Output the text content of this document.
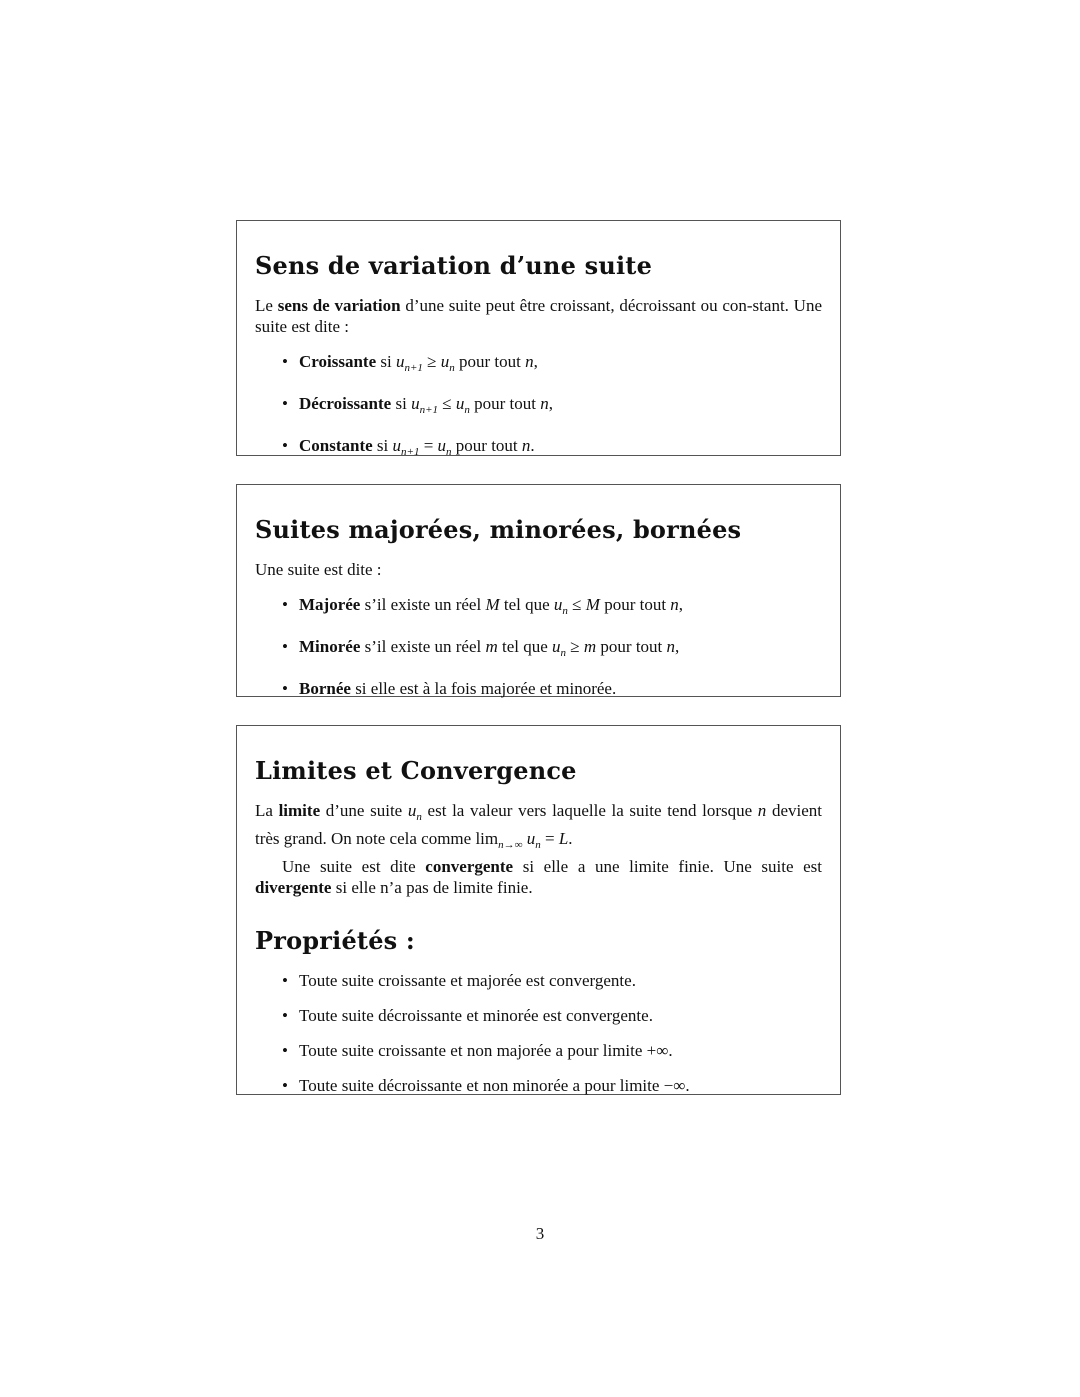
Sens de variation d’une suite

Le sens de variation d’une suite peut être croissant, décroissant ou con-stant. Une suite est dite :

• Croissante si $u_{n+1} \ge u_n$ pour tout n,
• Décroissante si $u_{n+1} \le u_n$ pour tout n,
• Constante si $u_{n+1} = u_n$ pour tout n.
Suites majorées, minorées, bornées

Une suite est dite :

• Majorée s’il existe un réel M tel que $u_n \le M$ pour tout n,
• Minorée s’il existe un réel m tel que $u_n \ge m$ pour tout n,
• Bornée si elle est à la fois majorée et minorée.
Limites et Convergence

La limite d’une suite $u_n$ est la valeur vers laquelle la suite tend lorsque n devient très grand. On note cela comme $\lim_{n\to\infty} u_n = L$.

Une suite est dite convergente si elle a une limite finie. Une suite est divergente si elle n’a pas de limite finie.

Propriétés :
• Toute suite croissante et majorée est convergente.
• Toute suite décroissante et minorée est convergente.
• Toute suite croissante et non majorée a pour limite +∞.
• Toute suite décroissante et non minorée a pour limite −∞.
3
